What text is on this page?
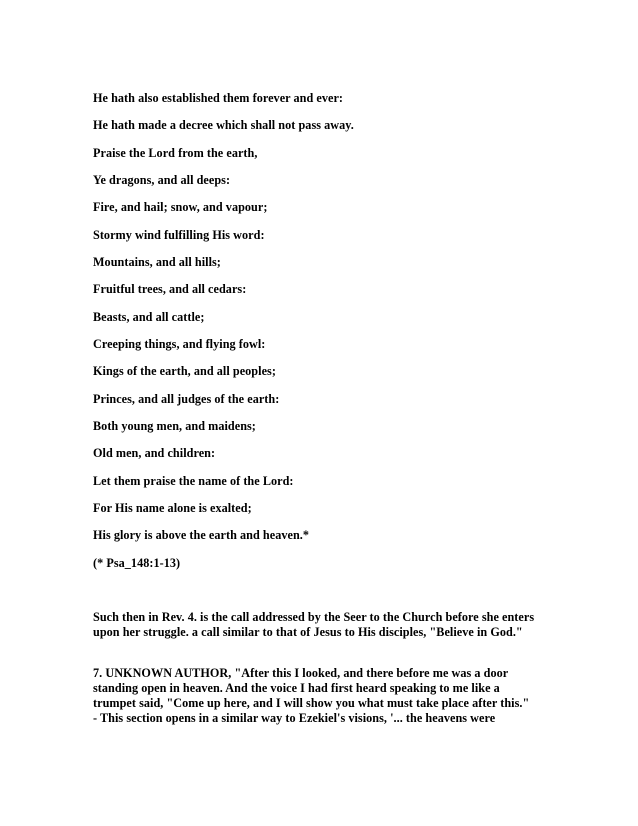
He hath also established them forever and ever:
He hath made a decree which shall not pass away.
Praise the Lord from the earth,
Ye dragons, and all deeps:
Fire, and hail; snow, and vapour;
Stormy wind fulfilling His word:
Mountains, and all hills;
Fruitful trees, and all cedars:
Beasts, and all cattle;
Creeping things, and flying fowl:
Kings of the earth, and all peoples;
Princes, and all judges of the earth:
Both young men, and maidens;
Old men, and children:
Let them praise the name of the Lord:
For His name alone is exalted;
His glory is above the earth and heaven.*
(* Psa_148:1-13)
Such then in Rev. 4. is the call addressed by the Seer to the Church before she enters
upon her struggle. a call similar to that of Jesus to His disciples, "Believe in God."
7. UNKNOWN AUTHOR, "After this I looked, and there before me was a door
standing open in heaven. And the voice I had first heard speaking to me like a
trumpet said, "Come up here, and I will show you what must take place after this."
- This section opens in a similar way to Ezekiel's visions, '... the heavens were
